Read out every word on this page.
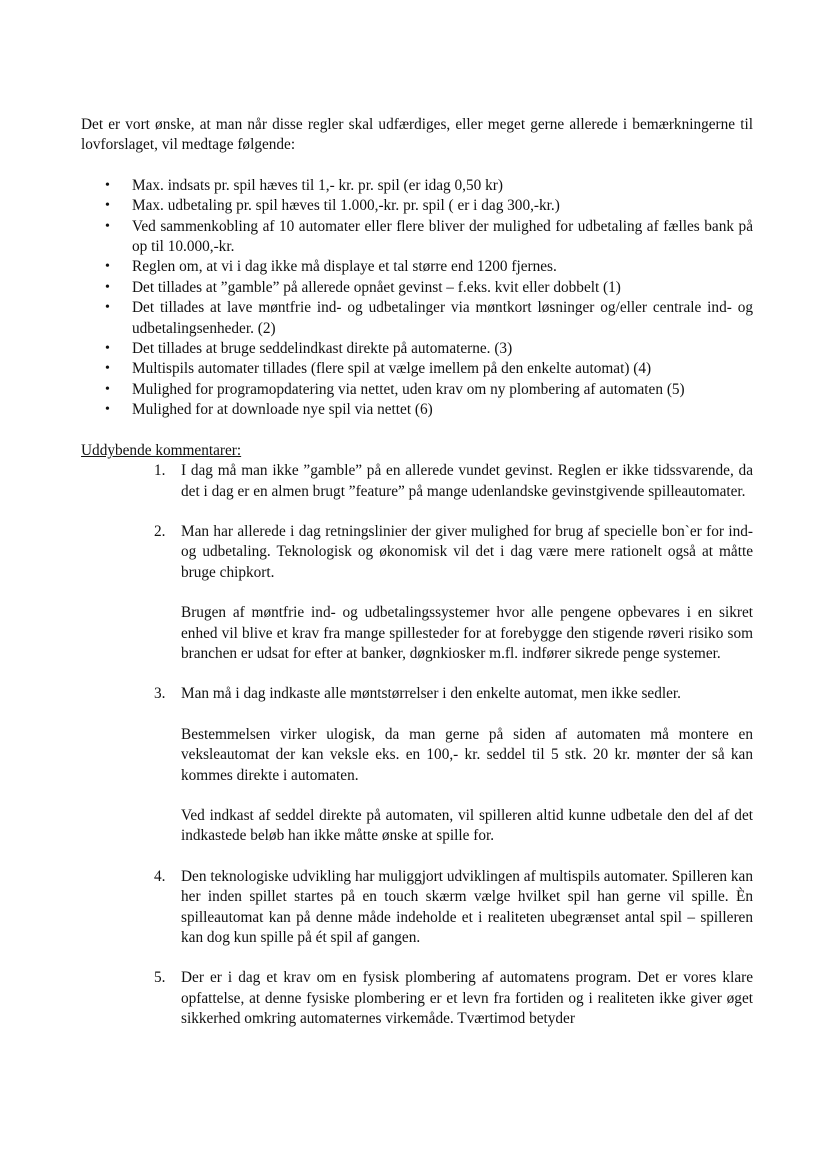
Det er vort ønske, at man når disse regler skal udfærdiges, eller meget gerne allerede i bemærkningerne til lovforslaget, vil medtage følgende:

• Max. indsats pr. spil hæves til 1,- kr. pr. spil (er idag 0,50 kr)
• Max. udbetaling pr. spil hæves til 1.000,-kr. pr. spil ( er i dag 300,-kr.)
• Ved sammenkobling af 10 automater eller flere bliver der mulighed for udbetaling af fælles bank på op til 10.000,-kr.
• Reglen om, at vi i dag ikke må displaye et tal større end 1200 fjernes.
• Det tillades at ”gamble” på allerede opnået gevinst – f.eks. kvit eller dobbelt (1)
• Det tillades at lave møntfrie ind- og udbetalinger via møntkort løsninger og/eller centrale ind- og udbetalingsenheder. (2)
• Det tillades at bruge seddelindkast direkte på automaterne. (3)
• Multispils automater tillades (flere spil at vælge imellem på den enkelte automat) (4)
• Mulighed for programopdatering via nettet, uden krav om ny plombering af automaten (5)
• Mulighed for at downloade nye spil via nettet (6)
Uddybende kommentarer:
1. I dag må man ikke ”gamble” på en allerede vundet gevinst. Reglen er ikke tidssvarende, da det i dag er en almen brugt ”feature” på mange udenlandske gevinstgivende spilleautomater.

2. Man har allerede i dag retningslinier der giver mulighed for brug af specielle bon`er for ind- og udbetaling. Teknologisk og økonomisk vil det i dag være mere rationelt også at måtte bruge chipkort.

Brugen af møntfrie ind- og udbetalingssystemer hvor alle pengene opbevares i en sikret enhed vil blive et krav fra mange spillesteder for at forebygge den stigende røveri risiko som branchen er udsat for efter at banker, døgnkiosker m.fl. indfører sikrede penge systemer.

3. Man må i dag indkaste alle møntstørrelser i den enkelte automat, men ikke sedler.

Bestemmelsen virker ulogisk, da man gerne på siden af automaten må montere en veksleautomat der kan veksle eks. en 100,- kr. seddel til 5 stk. 20 kr. mønter der så kan kommes direkte i automaten.

Ved indkast af seddel direkte på automaten, vil spilleren altid kunne udbetale den del af det indkastede beløb han ikke måtte ønske at spille for.

4. Den teknologiske udvikling har muliggjort udviklingen af multispils automater. Spilleren kan her inden spillet startes på en touch skærm vælge hvilket spil han gerne vil spille. Èn spilleautomat kan på denne måde indeholde et i realiteten ubegrænset antal spil – spilleren kan dog kun spille på ét spil af gangen.

5. Der er i dag et krav om en fysisk plombering af automatens program. Det er vores klare opfattelse, at denne fysiske plombering er et levn fra fortiden og i realiteten ikke giver øget sikkerhed omkring automaternes virkemåde. Tværtimod betyder
